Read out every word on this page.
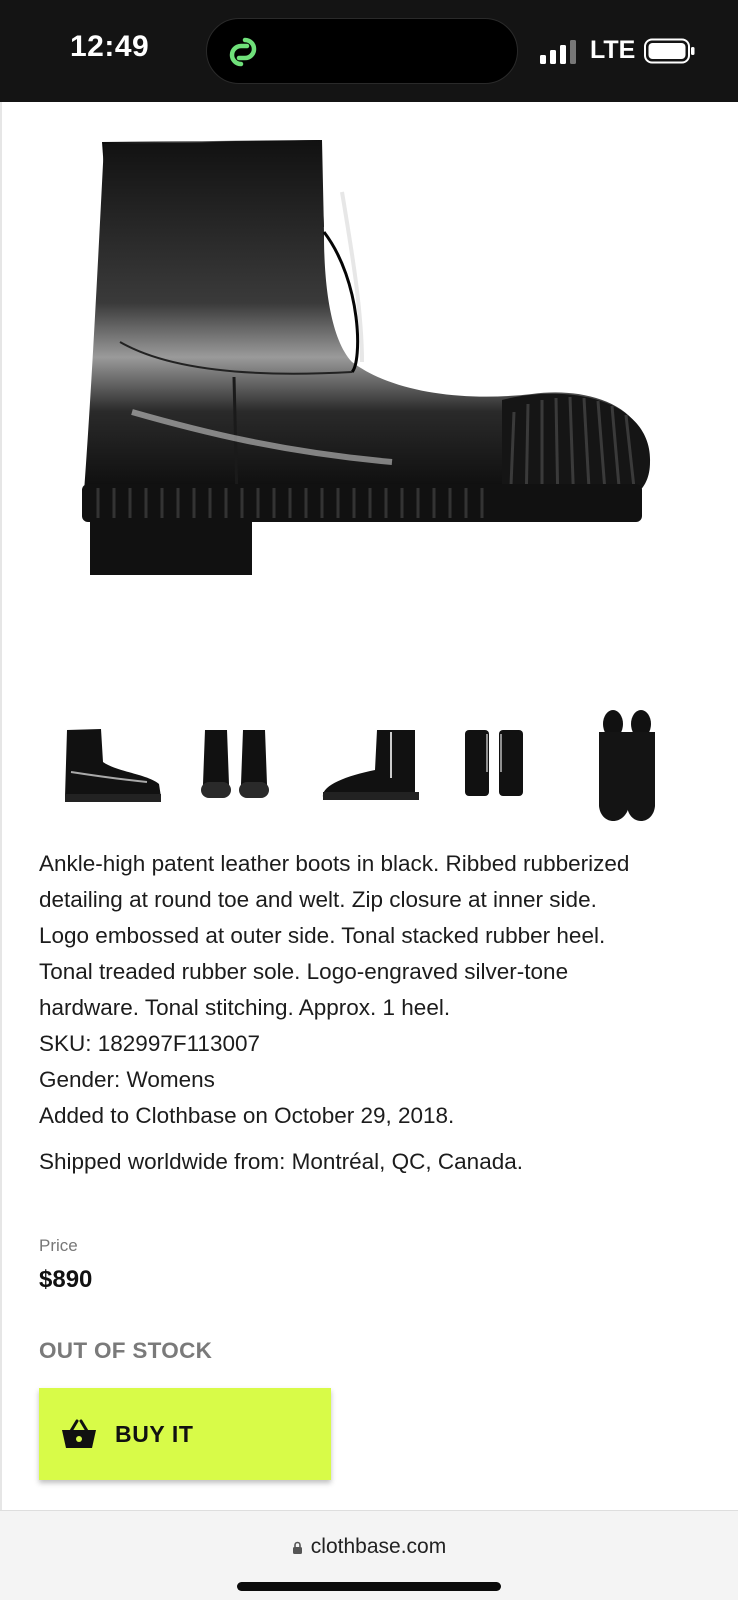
12:49	LTE

Ankle-high patent leather boots in black. Ribbed rubberized

detailing at round toe and welt. Zip closure at inner side.

Logo embossed at outer side. Tonal stacked rubber heel.

Tonal treaded rubber sole. Logo-engraved silver-tone

hardware. Tonal stitching. Approx. 1 heel.

SKU: 182997F113007

Gender: Womens

Added to Clothbase on October 29, 2018.

Shipped worldwide from: Montréal, QC, Canada.

Price
$890
OUT OF STOCK
BUY IT
clothbase.com
